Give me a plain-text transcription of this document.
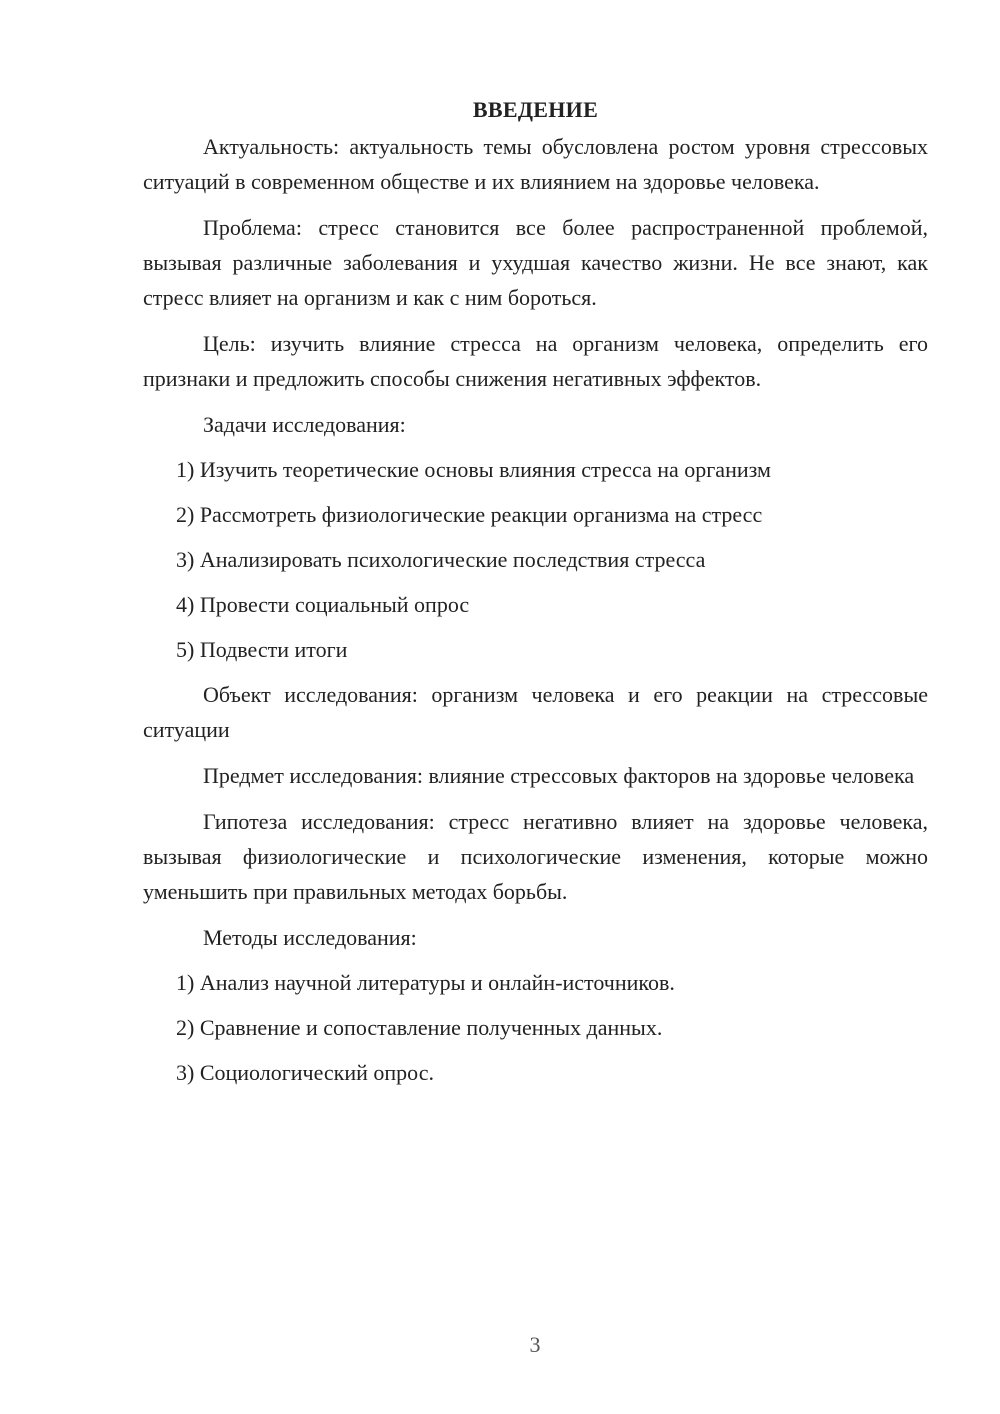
ВВЕДЕНИЕ

Актуальность: актуальность темы обусловлена ростом уровня стрессовых ситуаций в современном обществе и их влиянием на здоровье человека.

Проблема: стресс становится все более распространенной проблемой, вызывая различные заболевания и ухудшая качество жизни. Не все знают, как стресс влияет на организм и как с ним бороться.

Цель: изучить влияние стресса на организм человека, определить его признаки и предложить способы снижения негативных эффектов.

Задачи исследования:

1) Изучить теоретические основы влияния стресса на организм
2) Рассмотреть физиологические реакции организма на стресс
3) Анализировать психологические последствия стресса
4) Провести социальный опрос
5) Подвести итоги

Объект исследования: организм человека и его реакции на стрессовые ситуации

Предмет исследования: влияние стрессовых факторов на здоровье человека

Гипотеза исследования: стресс негативно влияет на здоровье человека, вызывая физиологические и психологические изменения, которые можно уменьшить при правильных методах борьбы.

Методы исследования:

1) Анализ научной литературы и онлайн-источников.
2) Сравнение и сопоставление полученных данных.
3) Социологический опрос.
3
